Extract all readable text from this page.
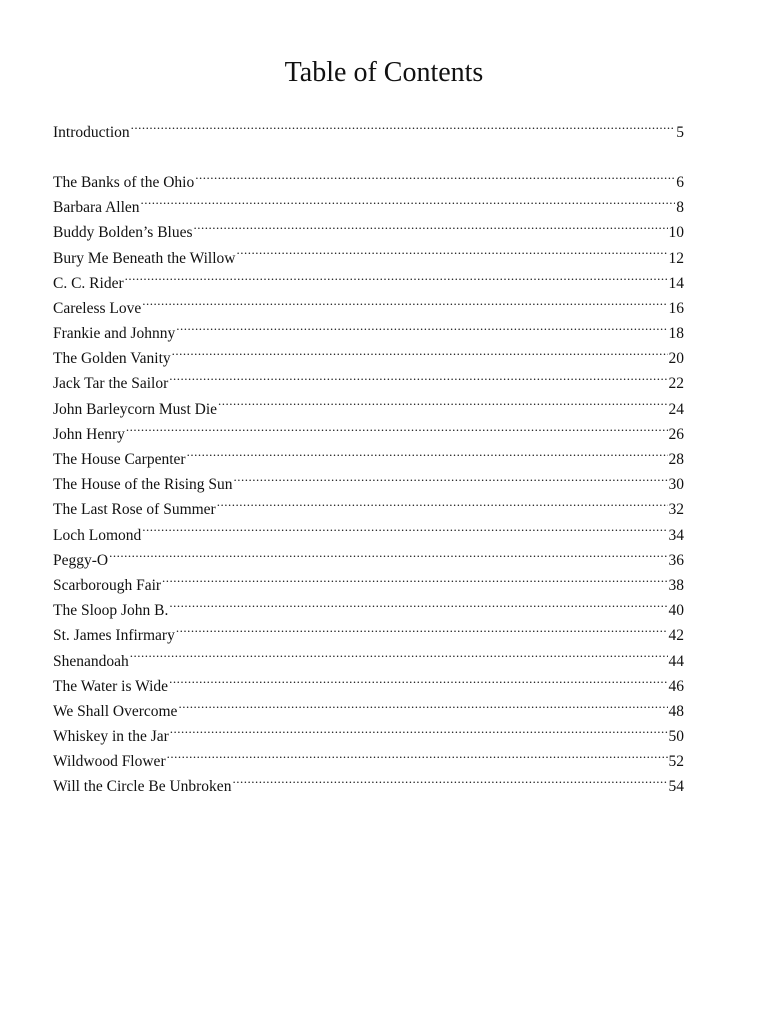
Table of Contents
Introduction .....	5
The Banks of the Ohio .....	6
Barbara Allen .....	8
Buddy Bolden’s Blues .....	10
Bury Me Beneath the Willow .....	12
C. C. Rider .....	14
Careless Love .....	16
Frankie and Johnny .....	18
The Golden Vanity .....	20
Jack Tar the Sailor .....	22
John Barleycorn Must Die .....	24
John Henry .....	26
The House Carpenter .....	28
The House of the Rising Sun .....	30
The Last Rose of Summer .....	32
Loch Lomond .....	34
Peggy-O .....	36
Scarborough Fair .....	38
The Sloop John B. .....	40
St. James Infirmary .....	42
Shenandoah .....	44
The Water is Wide .....	46
We Shall Overcome .....	48
Whiskey in the Jar .....	50
Wildwood Flower .....	52
Will the Circle Be Unbroken .....	54
